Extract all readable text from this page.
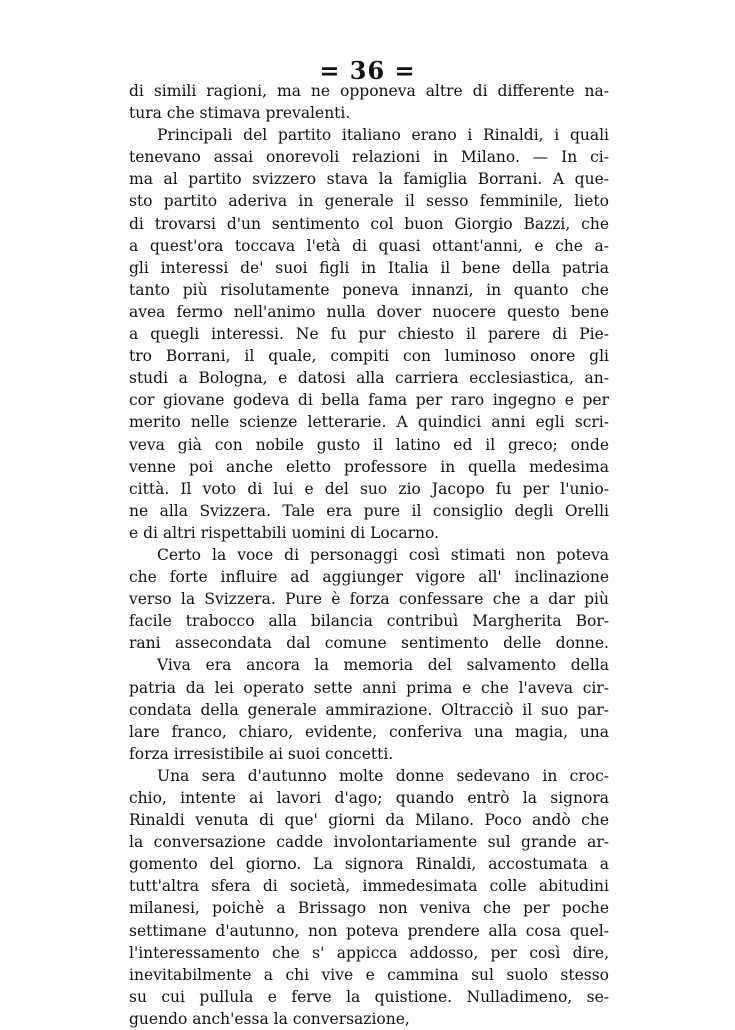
= 36 =
di simili ragioni, ma ne opponeva altre di differente na-
tura che stimava prevalenti.
Principali del partito italiano erano i Rinaldi, i quali
tenevano assai onorevoli relazioni in Milano. — In ci-
ma al partito svizzero stava la famiglia Borrani. A que-
sto partito aderiva in generale il sesso femminile, lieto
di trovarsi d'un sentimento col buon Giorgio Bazzi, che
a quest'ora toccava l'età di quasi ottant'anni, e che a-
gli interessi de' suoi figli in Italia il bene della patria
tanto più risolutamente poneva innanzi, in quanto che
avea fermo nell'animo nulla dover nuocere questo bene
a quegli interessi. Ne fu pur chiesto il parere di Pie-
tro Borrani, il quale, compiti con luminoso onore gli
studi a Bologna, e datosi alla carriera ecclesiastica, an-
cor giovane godeva di bella fama per raro ingegno e per
merito nelle scienze letterarie. A quindici anni egli scri-
veva già con nobile gusto il latino ed il greco; onde
venne poi anche eletto professore in quella medesima
città. Il voto di lui e del suo zio Jacopo fu per l'unio-
ne alla Svizzera. Tale era pure il consiglio degli Orelli
e di altri rispettabili uomini di Locarno.
Certo la voce di personaggi così stimati non poteva
che forte influire ad aggiunger vigore all' inclinazione
verso la Svizzera. Pure è forza confessare che a dar più
facile trabocco alla bilancia contribuì Margherita Bor-
rani assecondata dal comune sentimento delle donne.
Viva era ancora la memoria del salvamento della
patria da lei operato sette anni prima e che l'aveva cir-
condata della generale ammirazione. Oltracciò il suo par-
lare franco, chiaro, evidente, conferiva una magia, una
forza irresistibile ai suoi concetti.
Una sera d'autunno molte donne sedevano in croc-
chio, intente ai lavori d'ago; quando entrò la signora
Rinaldi venuta di que' giorni da Milano. Poco andò che
la conversazione cadde involontariamente sul grande ar-
gomento del giorno. La signora Rinaldi, accostumata a
tutt'altra sfera di società, immedesimata colle abitudini
milanesi, poichè a Brissago non veniva che per poche
settimane d'autunno, non poteva prendere alla cosa quel-
l'interessamento che s' appicca addosso, per così dire,
inevitabilmente a chi vive e cammina sul suolo stesso
su cui pullula e ferve la quistione. Nulladimeno, se-
guendo anch'essa la conversazione,
